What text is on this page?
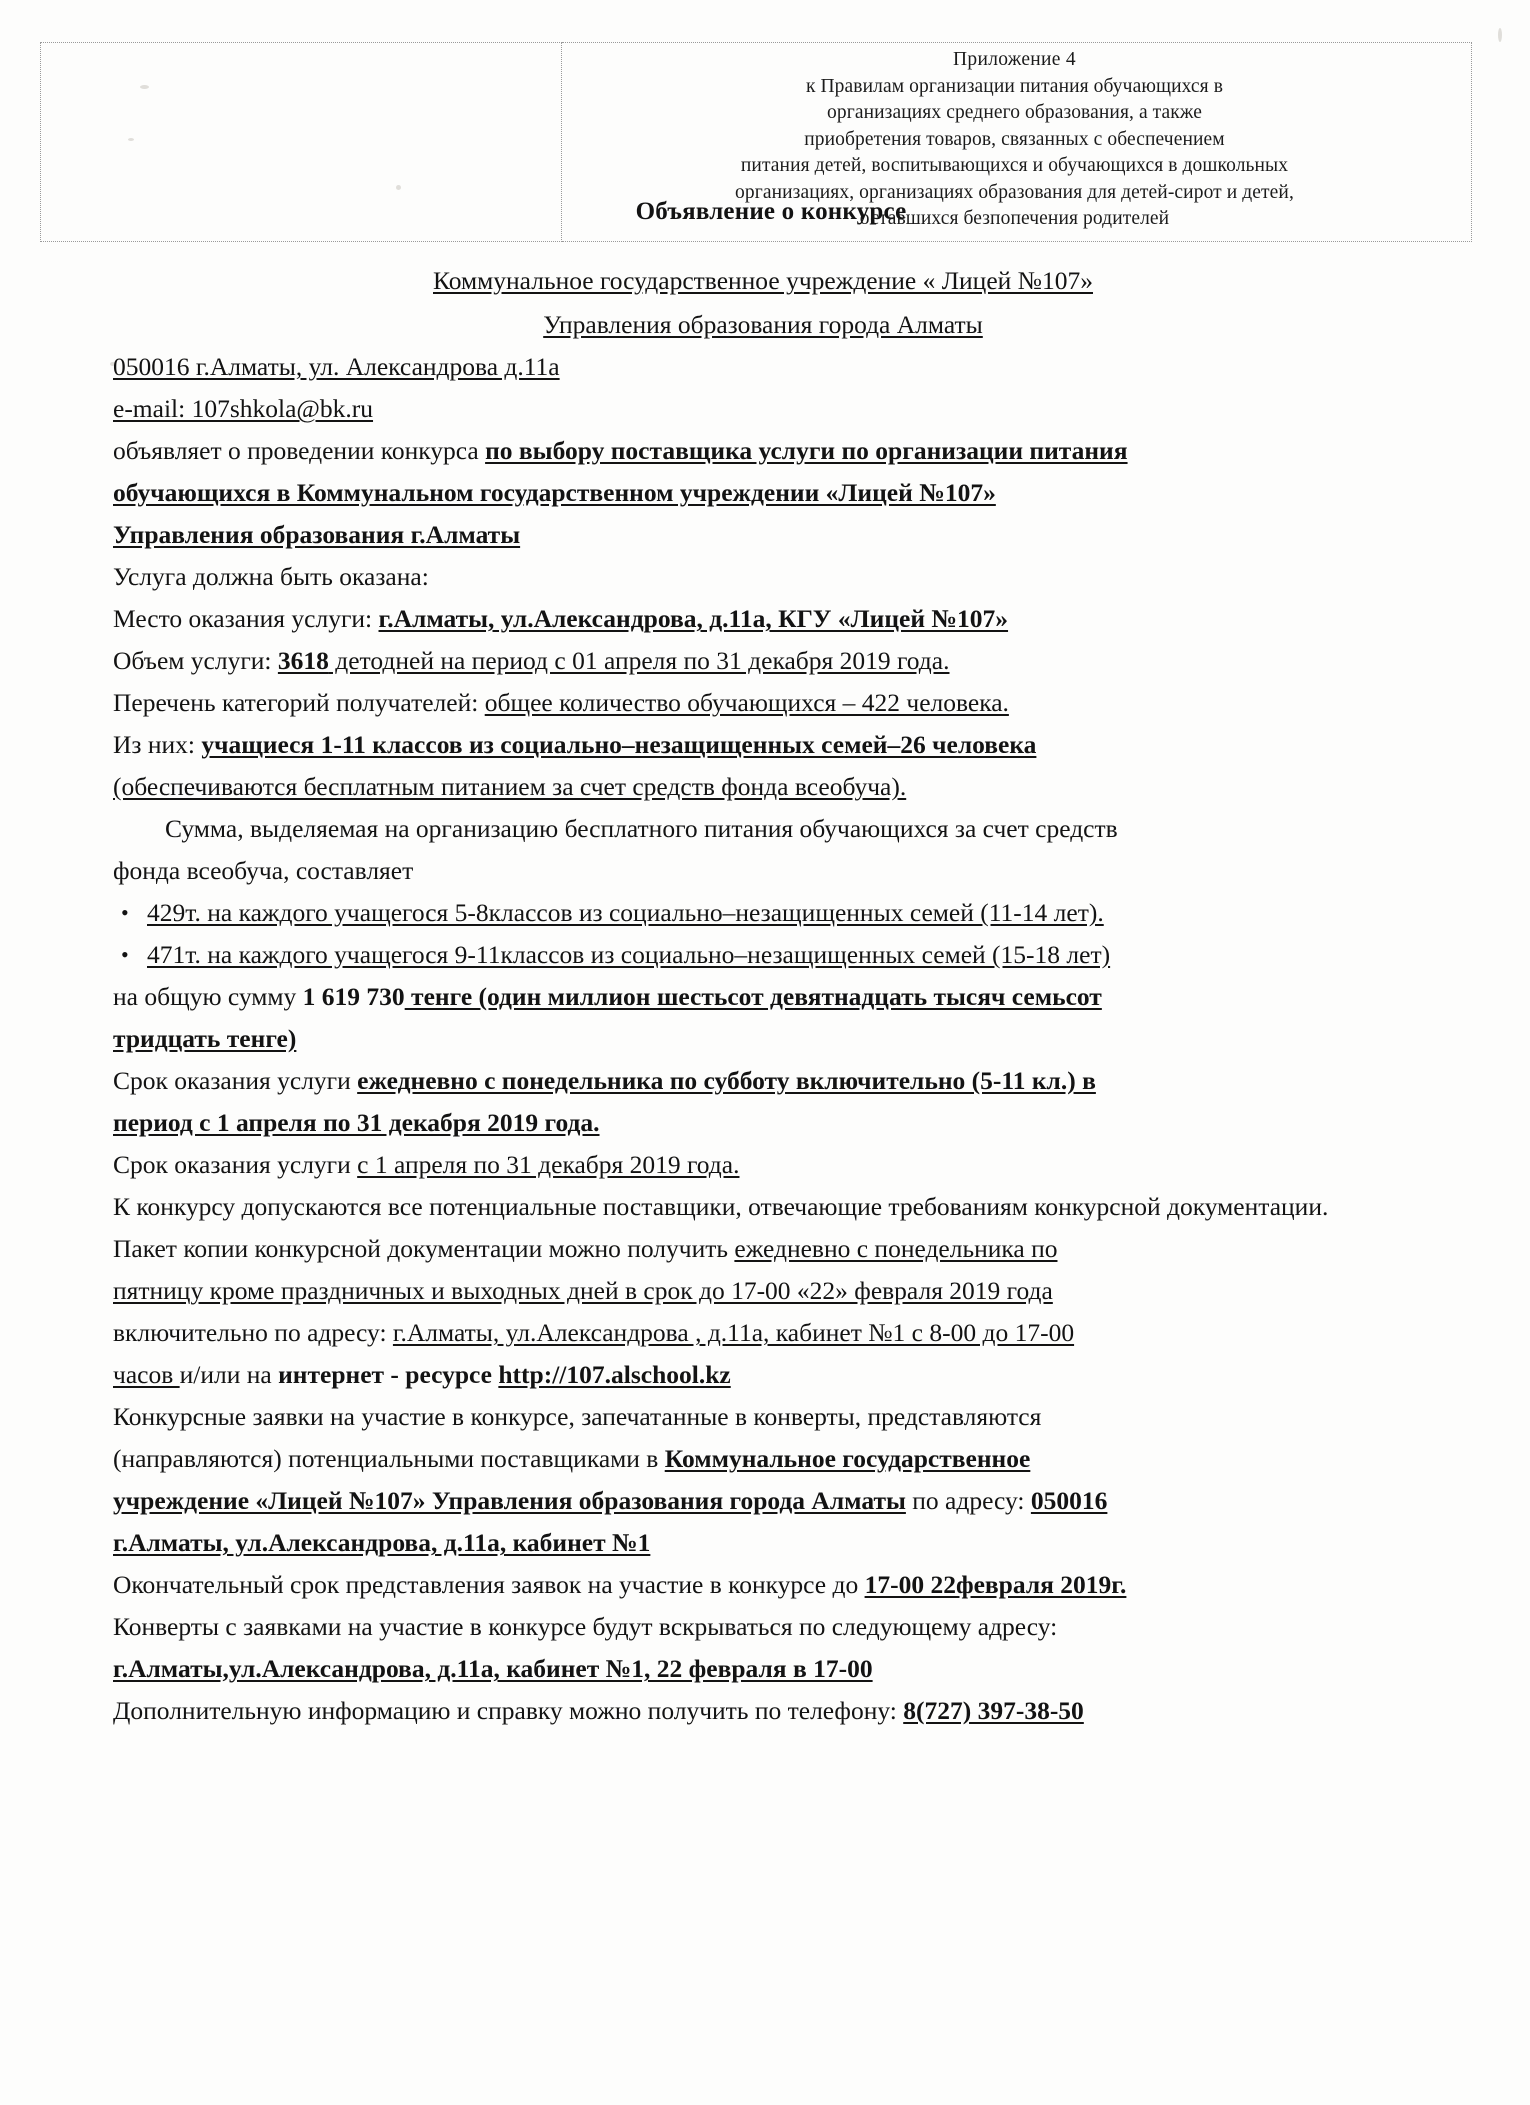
Приложение 4
к Правилам организации питания обучающихся в
организациях среднего образования, а также
приобретения товаров, связанных с обеспечением
питания детей, воспитывающихся и обучающихся в дошкольных
организациях, организациях образования для детей-сирот и детей,
оставшихся безпопечения родителей
Объявление о конкурсе

Коммунальное государственное учреждение « Лицей №107»

Управления образования города Алматы

050016 г.Алматы, ул. Александрова д.11а

e-mail: 107shkola@bk.ru

объявляет о проведении конкурса по выбору поставщика услуги по организации питания

обучающихся в Коммунальном государственном учреждении «Лицей №107»

Управления образования г.Алматы

Услуга должна быть оказана:

Место оказания услуги: г.Алматы, ул.Александрова, д.11а, КГУ «Лицей №107»

Объем услуги: 3618 детодней на период с 01 апреля по 31 декабря 2019 года.

Перечень категорий получателей: общее количество обучающихся – 422 человека.

Из них: учащиеся 1-11 классов из социально–незащищенных семей–26 человека

(обеспечиваются бесплатным питанием за счет средств фонда всеобуча).

Сумма, выделяемая на организацию бесплатного питания обучающихся за счет средств

фонда всеобуча, составляет

• 429т. на каждого учащегося 5-8классов из социально–незащищенных семей (11-14 лет).
• 471т. на каждого учащегося 9-11классов из социально–незащищенных семей (15-18 лет)

на общую сумму 1 619 730 тенге (один миллион шестьсот девятнадцать тысяч семьсот

тридцать тенге)

Срок оказания услуги ежедневно с понедельника по субботу включительно (5-11 кл.) в

период с 1 апреля по 31 декабря 2019 года.

Срок оказания услуги с 1 апреля по 31 декабря 2019 года.

К конкурсу допускаются все потенциальные поставщики, отвечающие требованиям конкурсной документации.

Пакет копии конкурсной документации можно получить ежедневно с понедельника по

пятницу кроме праздничных и выходных дней в срок до 17-00 «22» февраля 2019 года

включительно по адресу: г.Алматы, ул.Александрова , д.11а, кабинет №1 с 8-00 до 17-00

часов и/или на интернет - ресурсе http://107.alschool.kz

Конкурсные заявки на участие в конкурсе, запечатанные в конверты, представляются

(направляются) потенциальными поставщиками в Коммунальное государственное

учреждение «Лицей №107» Управления образования города Алматы по адресу: 050016

г.Алматы, ул.Александрова, д.11а, кабинет №1

Окончательный срок представления заявок на участие в конкурсе до 17-00 22февраля 2019г.

Конверты с заявками на участие в конкурсе будут вскрываться по следующему адресу:

г.Алматы,ул.Александрова, д.11а, кабинет №1, 22 февраля в 17-00

Дополнительную информацию и справку можно получить по телефону: 8(727) 397-38-50
